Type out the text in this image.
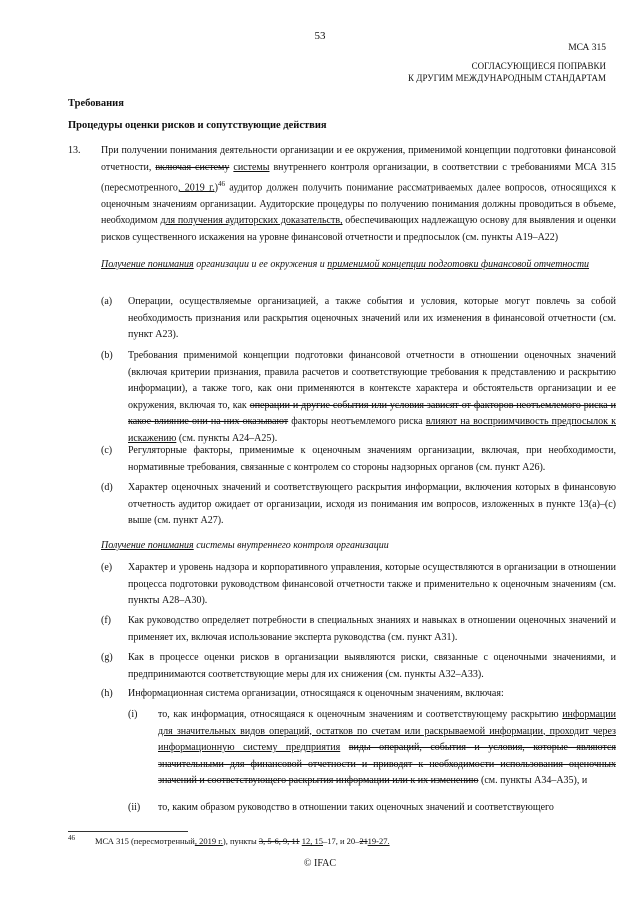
53
МСА 315
СОГЛАСУЮЩИЕСЯ ПОПРАВКИ
К ДРУГИМ МЕЖДУНАРОДНЫМ СТАНДАРТАМ
Требования
Процедуры оценки рисков и сопутствующие действия
13. При получении понимания деятельности организации и ее окружения, применимой концепции подготовки финансовой отчетности, включая систему системы внутреннего контроля организации, в соответствии с требованиями МСА 315 (пересмотренного, 2019 г.)$^{46}$ аудитор должен получить понимание рассматриваемых далее вопросов, относящихся к оценочным значениям организации. Аудиторские процедуры по получению понимания должны проводиться в объеме, необходимом для получения аудиторских доказательств, обеспечивающих надлежащую основу для выявления и оценки рисков существенного искажения на уровне финансовой отчетности и предпосылок (см. пункты А19–А22)
Получение понимания организации и ее окружения и применимой концепции подготовки финансовой отчетности
(a) Операции, осуществляемые организацией, а также события и условия, которые могут повлечь за собой необходимость признания или раскрытия оценочных значений или их изменения в финансовой отчетности (см. пункт А23).
(b) Требования применимой концепции подготовки финансовой отчетности в отношении оценочных значений (включая критерии признания, правила расчетов и соответствующие требования к представлению и раскрытию информации), а также того, как они применяются в контексте характера и обстоятельств организации и ее окружения, включая то, как операции и другие события или условия зависят от факторов неотъемлемого риска и какое влияние они на них оказывают факторы неотъемлемого риска влияют на восприимчивость предпосылок к искажению (см. пункты А24–А25).
(c) Регуляторные факторы, применимые к оценочным значениям организации, включая, при необходимости, нормативные требования, связанные с контролем со стороны надзорных органов (см. пункт А26).
(d) Характер оценочных значений и соответствующего раскрытия информации, включения которых в финансовую отчетность аудитор ожидает от организации, исходя из понимания им вопросов, изложенных в пункте 13(a)–(c) выше (см. пункт А27).
Получение понимания системы внутреннего контроля организации
(e) Характер и уровень надзора и корпоративного управления, которые осуществляются в организации в отношении процесса подготовки руководством финансовой отчетности также и применительно к оценочным значениям (см. пункты А28–А30).
(f) Как руководство определяет потребности в специальных знаниях и навыках в отношении оценочных значений и применяет их, включая использование эксперта руководства (см. пункт А31).
(g) Как в процессе оценки рисков в организации выявляются риски, связанные с оценочными значениями, и предпринимаются соответствующие меры для их снижения (см. пункты А32–А33).
(h) Информационная система организации, относящаяся к оценочным значениям, включая:
(i) то, как информация, относящаяся к оценочным значениям и соответствующему раскрытию информации для значительных видов операций, остатков по счетам или раскрываемой информации, проходит через информационную систему предприятия виды операций, события и условия, которые являются значительными для финансовой отчетности и приводят к необходимости использования оценочных значений и соответствующего раскрытия информации или к их изменению (см. пункты А34–А35), и
(ii) то, каким образом руководство в отношении таких оценочных значений и соответствующего
46 МСА 315 (пересмотренный, 2019 г.), пункты 3, 5-6, 9, 11 12, 15–17, и 20–2119-27.
© IFAC
